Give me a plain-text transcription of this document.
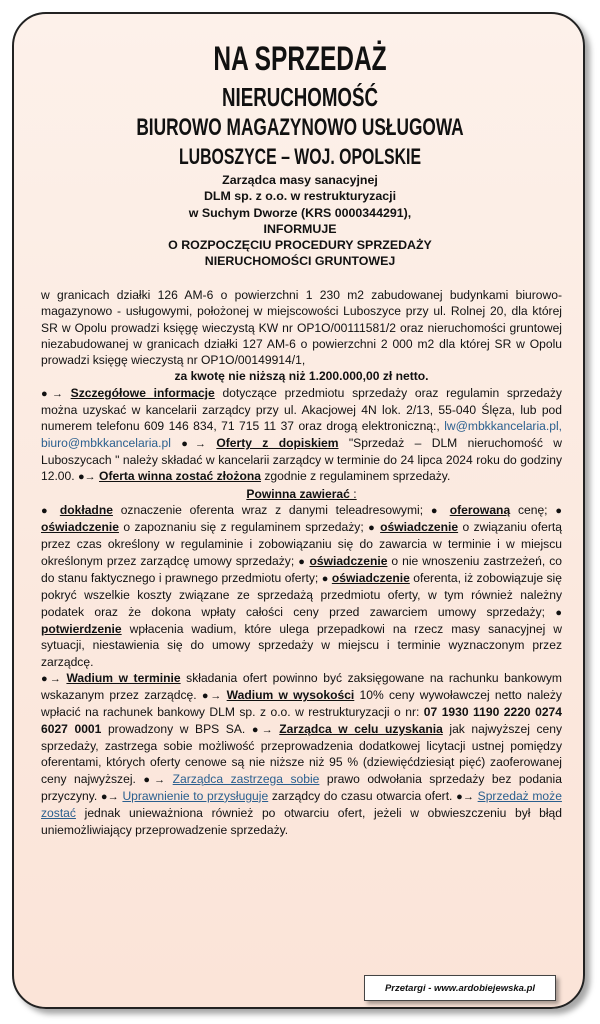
NA SPRZEDAŻ
NIERUCHOMOŚĆ
BIUROWO MAGAZYNOWO USŁUGOWA
LUBOSZYCE – WOJ. OPOLSKIE
Zarządca masy sanacyjnej
DLM sp. z o.o. w restrukturyzacji
w Suchym Dworze (KRS 0000344291),
INFORMUJE
O ROZPOCZĘCIU PROCEDURY SPRZEDAŻY
NIERUCHOMOŚCI GRUNTOWEJ

w granicach działki 126 AM-6 o powierzchni 1 230 m2 zabudowanej budynkami biurowo-magazynowo - usługowymi, położonej w miejscowości Luboszyce przy ul. Rolnej 20, dla której SR w Opolu prowadzi księgę wieczystą KW nr OP1O/00111581/2 oraz nieruchomości gruntowej niezabudowanej w granicach działki 127 AM-6 o powierzchni 2 000 m2 dla której SR w Opolu prowadzi księgę wieczystą nr OP1O/00149914/1,

za kwotę nie niższą niż 1.200.000,00 zł netto.

●→ Szczegółowe informacje dotyczące przedmiotu sprzedaży oraz regulamin sprzedaży można uzyskać w kancelarii zarządcy przy ul. Akacjowej 4N lok. 2/13, 55-040 Ślęza, lub pod numerem telefonu 609 146 834, 71 715 11 37 oraz drogą elektroniczną:, lw@mbkkancelaria.pl, biuro@mbkkancelaria.pl ●→ Oferty z dopiskiem "Sprzedaż – DLM nieruchomość w Luboszycach " należy składać w kancelarii zarządcy w terminie do 24 lipca 2024 roku do godziny 12.00. ●→ Oferta winna zostać złożona zgodnie z regulaminem sprzedaży.

Powinna zawierać :

● dokładne oznaczenie oferenta wraz z danymi teleadresowymi; ● oferowaną cenę; ● oświadczenie o zapoznaniu się z regulaminem sprzedaży; ● oświadczenie o związaniu ofertą przez czas określony w regulaminie i zobowiązaniu się do zawarcia w terminie i w miejscu określonym przez zarządcę umowy sprzedaży; ● oświadczenie o nie wnoszeniu zastrzeżeń, co do stanu faktycznego i prawnego przedmiotu oferty; ● oświadczenie oferenta, iż zobowiązuje się pokryć wszelkie koszty związane ze sprzedażą przedmiotu oferty, w tym również należny podatek oraz że dokona wpłaty całości ceny przed zawarciem umowy sprzedaży; ● potwierdzenie wpłacenia wadium, które ulega przepadkowi na rzecz masy sanacyjnej w sytuacji, niestawienia się do umowy sprzedaży w miejscu i terminie wyznaczonym przez zarządcę.

●→ Wadium w terminie składania ofert powinno być zaksięgowane na rachunku bankowym wskazanym przez zarządcę. ●→ Wadium w wysokości 10% ceny wywoławczej netto należy wpłacić na rachunek bankowy DLM sp. z o.o. w restrukturyzacji o nr: 07 1930 1190 2220 0274 6027 0001 prowadzony w BPS SA. ●→ Zarządca w celu uzyskania jak najwyższej ceny sprzedaży, zastrzega sobie możliwość przeprowadzenia dodatkowej licytacji ustnej pomiędzy oferentami, których oferty cenowe są nie niższe niż 95 % (dziewięćdziesiąt pięć) zaoferowanej ceny najwyższej. ●→ Zarządca zastrzega sobie prawo odwołania sprzedaży bez podania przyczyny. ●→ Uprawnienie to przysługuje zarządcy do czasu otwarcia ofert. ●→ Sprzedaż może zostać jednak unieważniona również po otwarciu ofert, jeżeli w obwieszczeniu był błąd uniemożliwiający przeprowadzenie sprzedaży.

Przetargi - www.ardobiejewska.pl
